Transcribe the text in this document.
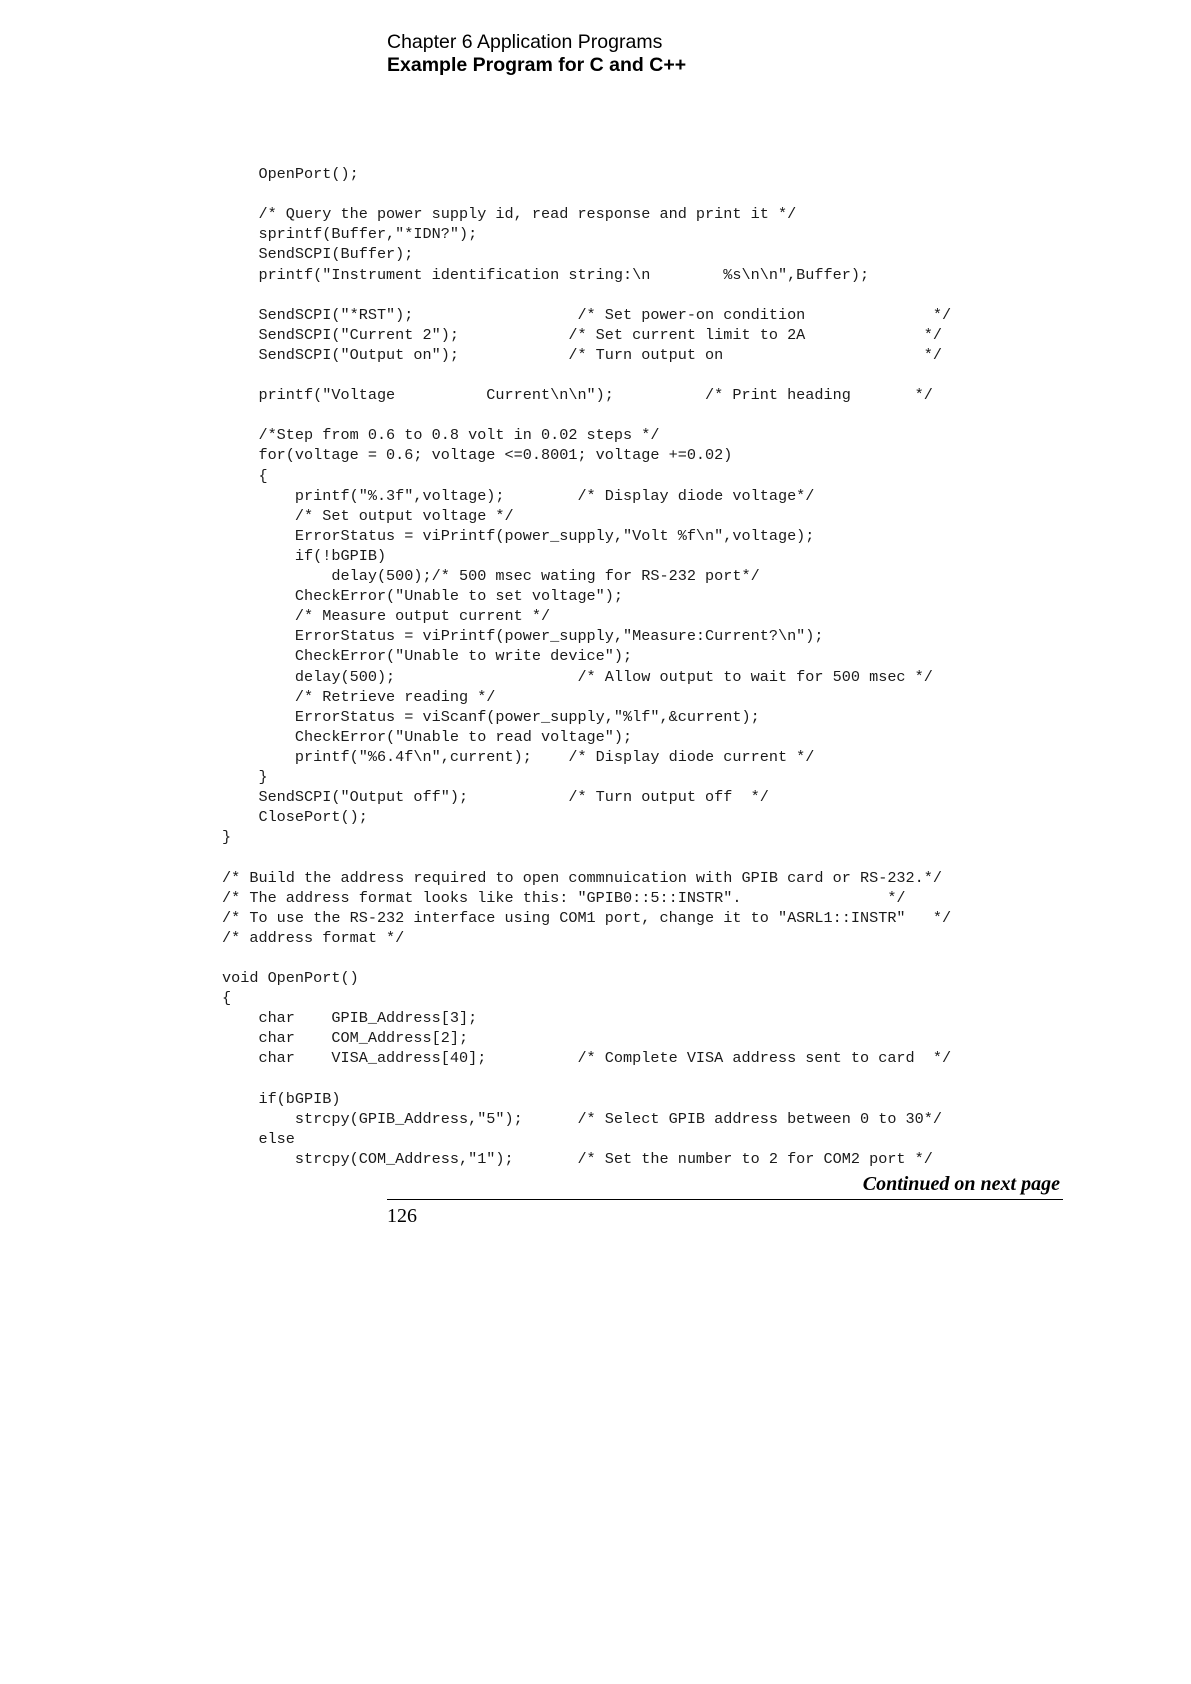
Chapter 6 Application Programs
Example Program for C and C++
OpenPort();
/* Query the power supply id, read response and print it */
sprintf(Buffer,"*IDN?");
SendSCPI(Buffer);
printf("Instrument identification string:\n        %s\n\n",Buffer);
SendSCPI("*RST");                  /* Set power-on condition              */
SendSCPI("Current 2");            /* Set current limit to 2A             */
SendSCPI("Output on");            /* Turn output on                      */
printf("Voltage          Current\n\n");          /* Print heading       */
/*Step from 0.6 to 0.8 volt in 0.02 steps */
for(voltage = 0.6; voltage <=0.8001; voltage +=0.02)
{
printf("%.3f",voltage);        /* Display diode voltage*/
/* Set output voltage */
ErrorStatus = viPrintf(power_supply,"Volt %f\n",voltage);
if(!bGPIB)
delay(500);/* 500 msec wating for RS-232 port*/
CheckError("Unable to set voltage");
/* Measure output current */
ErrorStatus = viPrintf(power_supply,"Measure:Current?\n");
CheckError("Unable to write device");
delay(500);                    /* Allow output to wait for 500 msec */
/* Retrieve reading */
ErrorStatus = viScanf(power_supply,"%lf",&current);
CheckError("Unable to read voltage");
printf("%6.4f\n",current);    /* Display diode current */
}
SendSCPI("Output off");           /* Turn output off  */
ClosePort();
}
/* Build the address required to open commnuication with GPIB card or RS-232.*/
/* The address format looks like this: "GPIB0::5::INSTR".                */
/* To use the RS-232 interface using COM1 port, change it to "ASRL1::INSTR"   */
/* address format */
void OpenPort()
{
char    GPIB_Address[3];
char    COM_Address[2];
char    VISA_address[40];          /* Complete VISA address sent to card  */
if(bGPIB)
strcpy(GPIB_Address,"5");      /* Select GPIB address between 0 to 30*/
else
strcpy(COM_Address,"1");       /* Set the number to 2 for COM2 port */
Continued on next page
126
